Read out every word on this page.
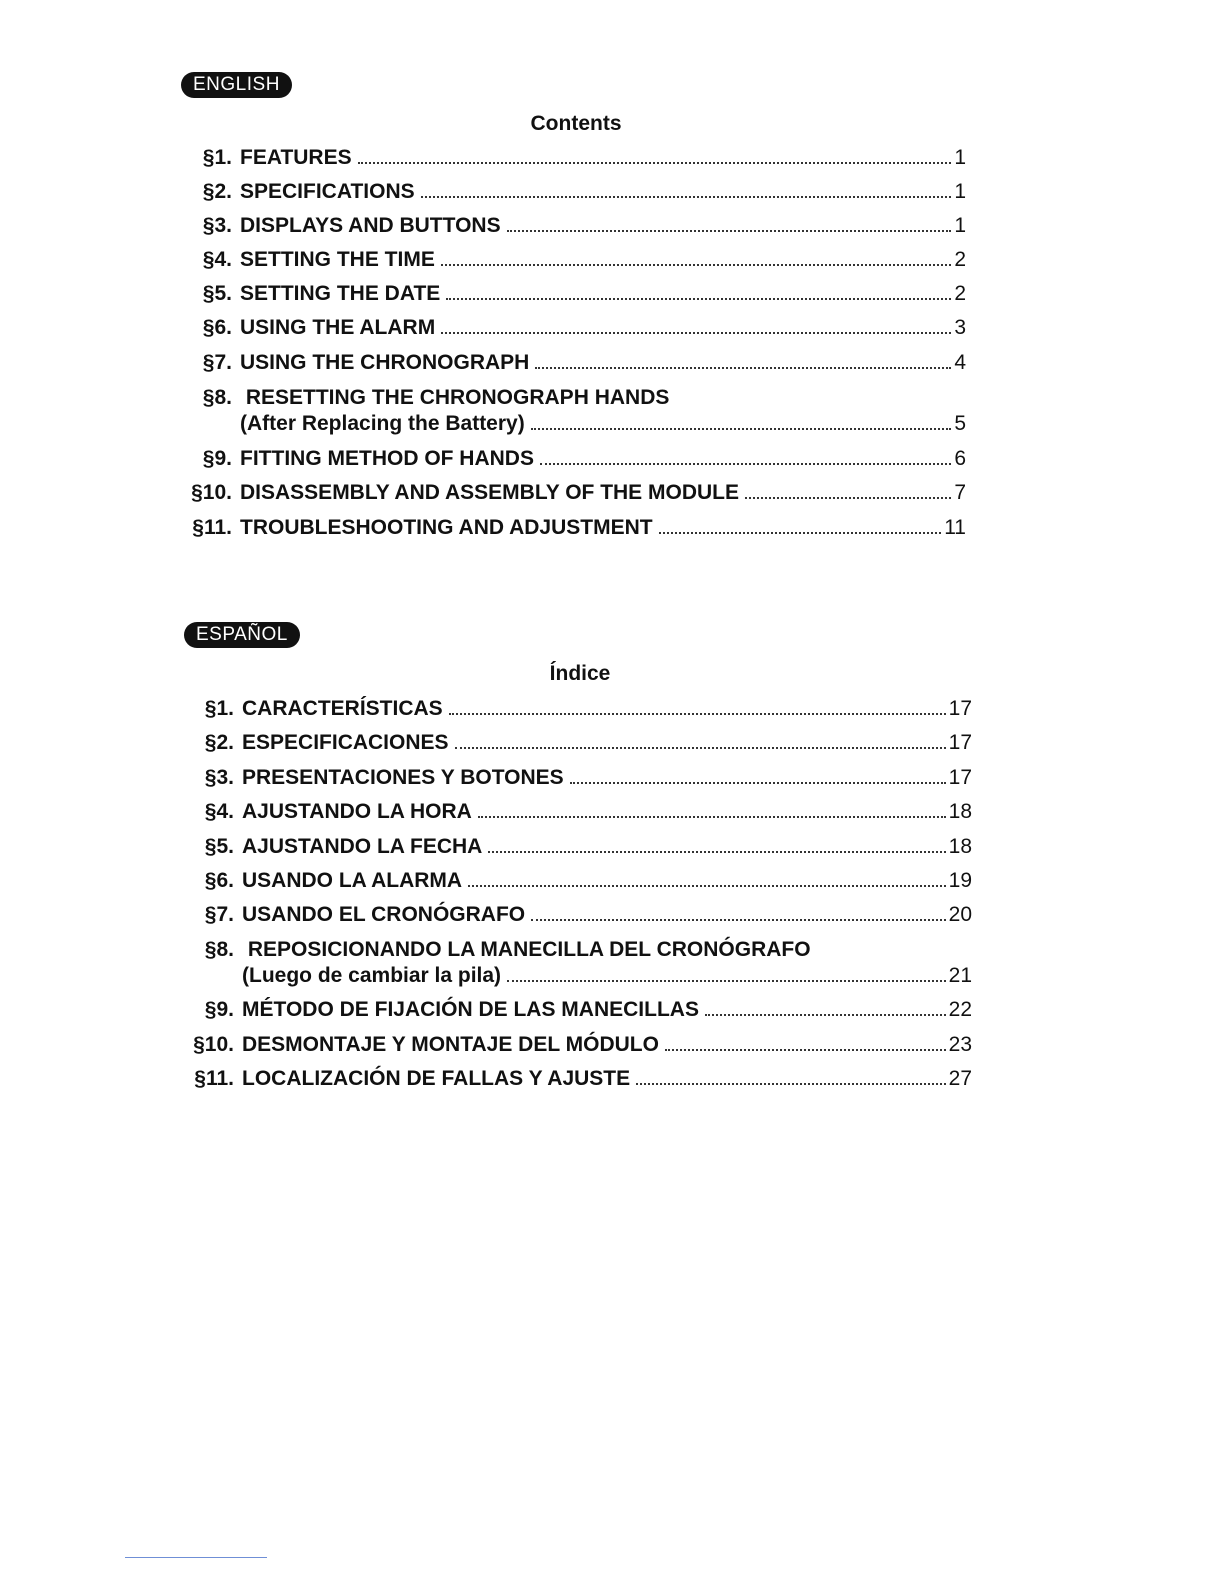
ENGLISH
Contents
§1. FEATURES	1
§2. SPECIFICATIONS	1
§3. DISPLAYS AND BUTTONS	1
§4. SETTING THE TIME	2
§5. SETTING THE DATE	2
§6. USING THE ALARM	3
§7. USING THE CHRONOGRAPH	4
§8. RESETTING THE CHRONOGRAPH HANDS
(After Replacing the Battery)	5
§9. FITTING METHOD OF HANDS	6
§10. DISASSEMBLY AND ASSEMBLY OF THE MODULE	7
§11. TROUBLESHOOTING AND ADJUSTMENT	11
ESPAÑOL
Índice
§1. CARACTERÍSTICAS	17
§2. ESPECIFICACIONES	17
§3. PRESENTACIONES Y BOTONES	17
§4. AJUSTANDO LA HORA	18
§5. AJUSTANDO LA FECHA	18
§6. USANDO LA ALARMA	19
§7. USANDO EL CRONÓGRAFO	20
§8. REPOSICIONANDO LA MANECILLA DEL CRONÓGRAFO
(Luego de cambiar la pila)	21
§9. MÉTODO DE FIJACIÓN DE LAS MANECILLAS	22
§10. DESMONTAJE Y MONTAJE DEL MÓDULO	23
§11. LOCALIZACIÓN DE FALLAS Y AJUSTE	27
